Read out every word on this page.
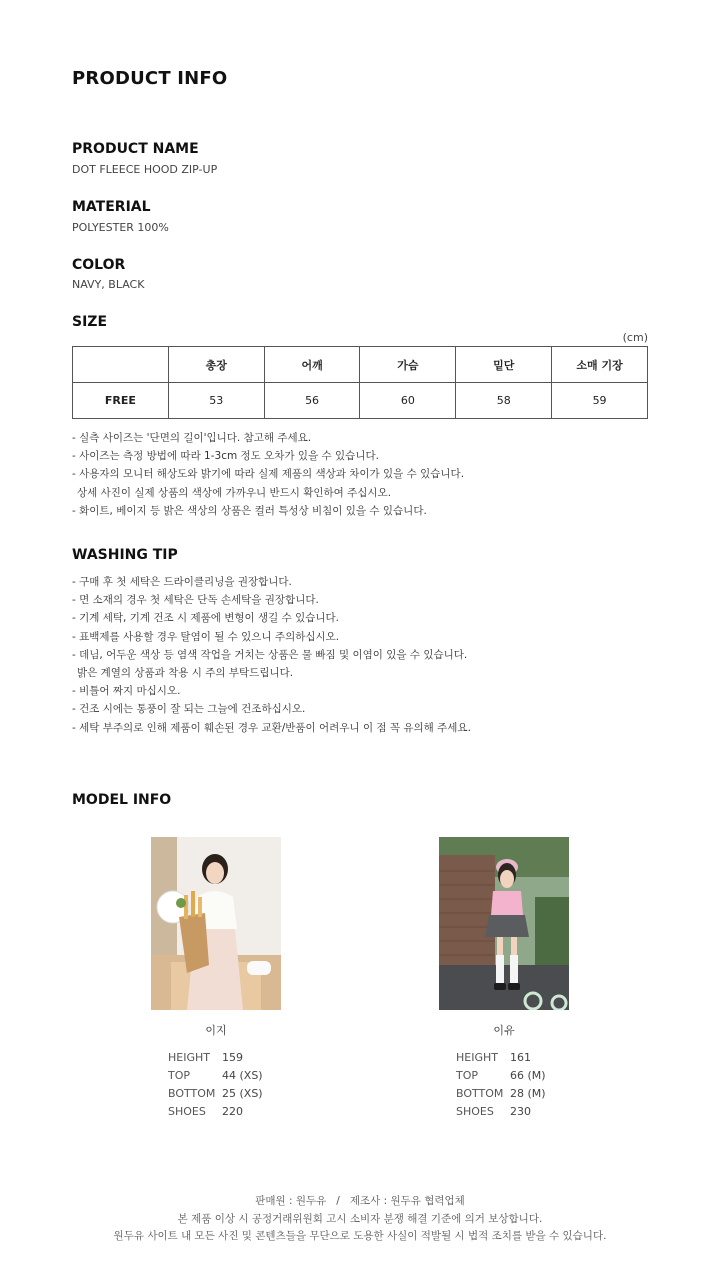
PRODUCT INFO
PRODUCT NAME
DOT FLEECE HOOD ZIP-UP
MATERIAL
POLYESTER 100%
COLOR
NAVY, BLACK
SIZE
(cm)
	총장	어깨	가슴	밑단	소매 기장
FREE	53	56	60	58	59
- 실측 사이즈는 '단면의 길이'입니다. 참고해 주세요.
- 사이즈는 측정 방법에 따라 1-3cm 정도 오차가 있을 수 있습니다.
- 사용자의 모니터 해상도와 밝기에 따라 실제 제품의 색상과 차이가 있을 수 있습니다.
상세 사진이 실제 상품의 색상에 가까우니 반드시 확인하여 주십시오.
- 화이트, 베이지 등 밝은 색상의 상품은 컬러 특성상 비침이 있을 수 있습니다.
WASHING TIP
- 구매 후 첫 세탁은 드라이클리닝을 권장합니다.
- 면 소재의 경우 첫 세탁은 단독 손세탁을 권장합니다.
- 기계 세탁, 기계 건조 시 제품에 변형이 생길 수 있습니다.
- 표백제를 사용할 경우 탈염이 될 수 있으니 주의하십시오.
- 데님, 어두운 색상 등 염색 작업을 거치는 상품은 물 빠짐 및 이염이 있을 수 있습니다.
밝은 계열의 상품과 착용 시 주의 부탁드립니다.
- 비틀어 짜지 마십시오.
- 건조 시에는 통풍이 잘 되는 그늘에 건조하십시오.
- 세탁 부주의로 인해 제품이 훼손된 경우 교환/반품이 어려우니 이 점 꼭 유의해 주세요.
MODEL INFO
이지
HEIGHT	159
TOP	44 (XS)
BOTTOM 25 (XS)
SHOES	220
이유
HEIGHT	161
TOP	66 (M)
BOTTOM 28 (M)
SHOES	230
판매원 : 원두유   /   제조사 : 원두유 협력업체
본 제품 이상 시 공정거래위원회 고시 소비자 분쟁 해결 기준에 의거 보상합니다.
원두유 사이트 내 모든 사진 및 콘텐츠들을 무단으로 도용한 사실이 적발될 시 법적 조치를 받을 수 있습니다.
